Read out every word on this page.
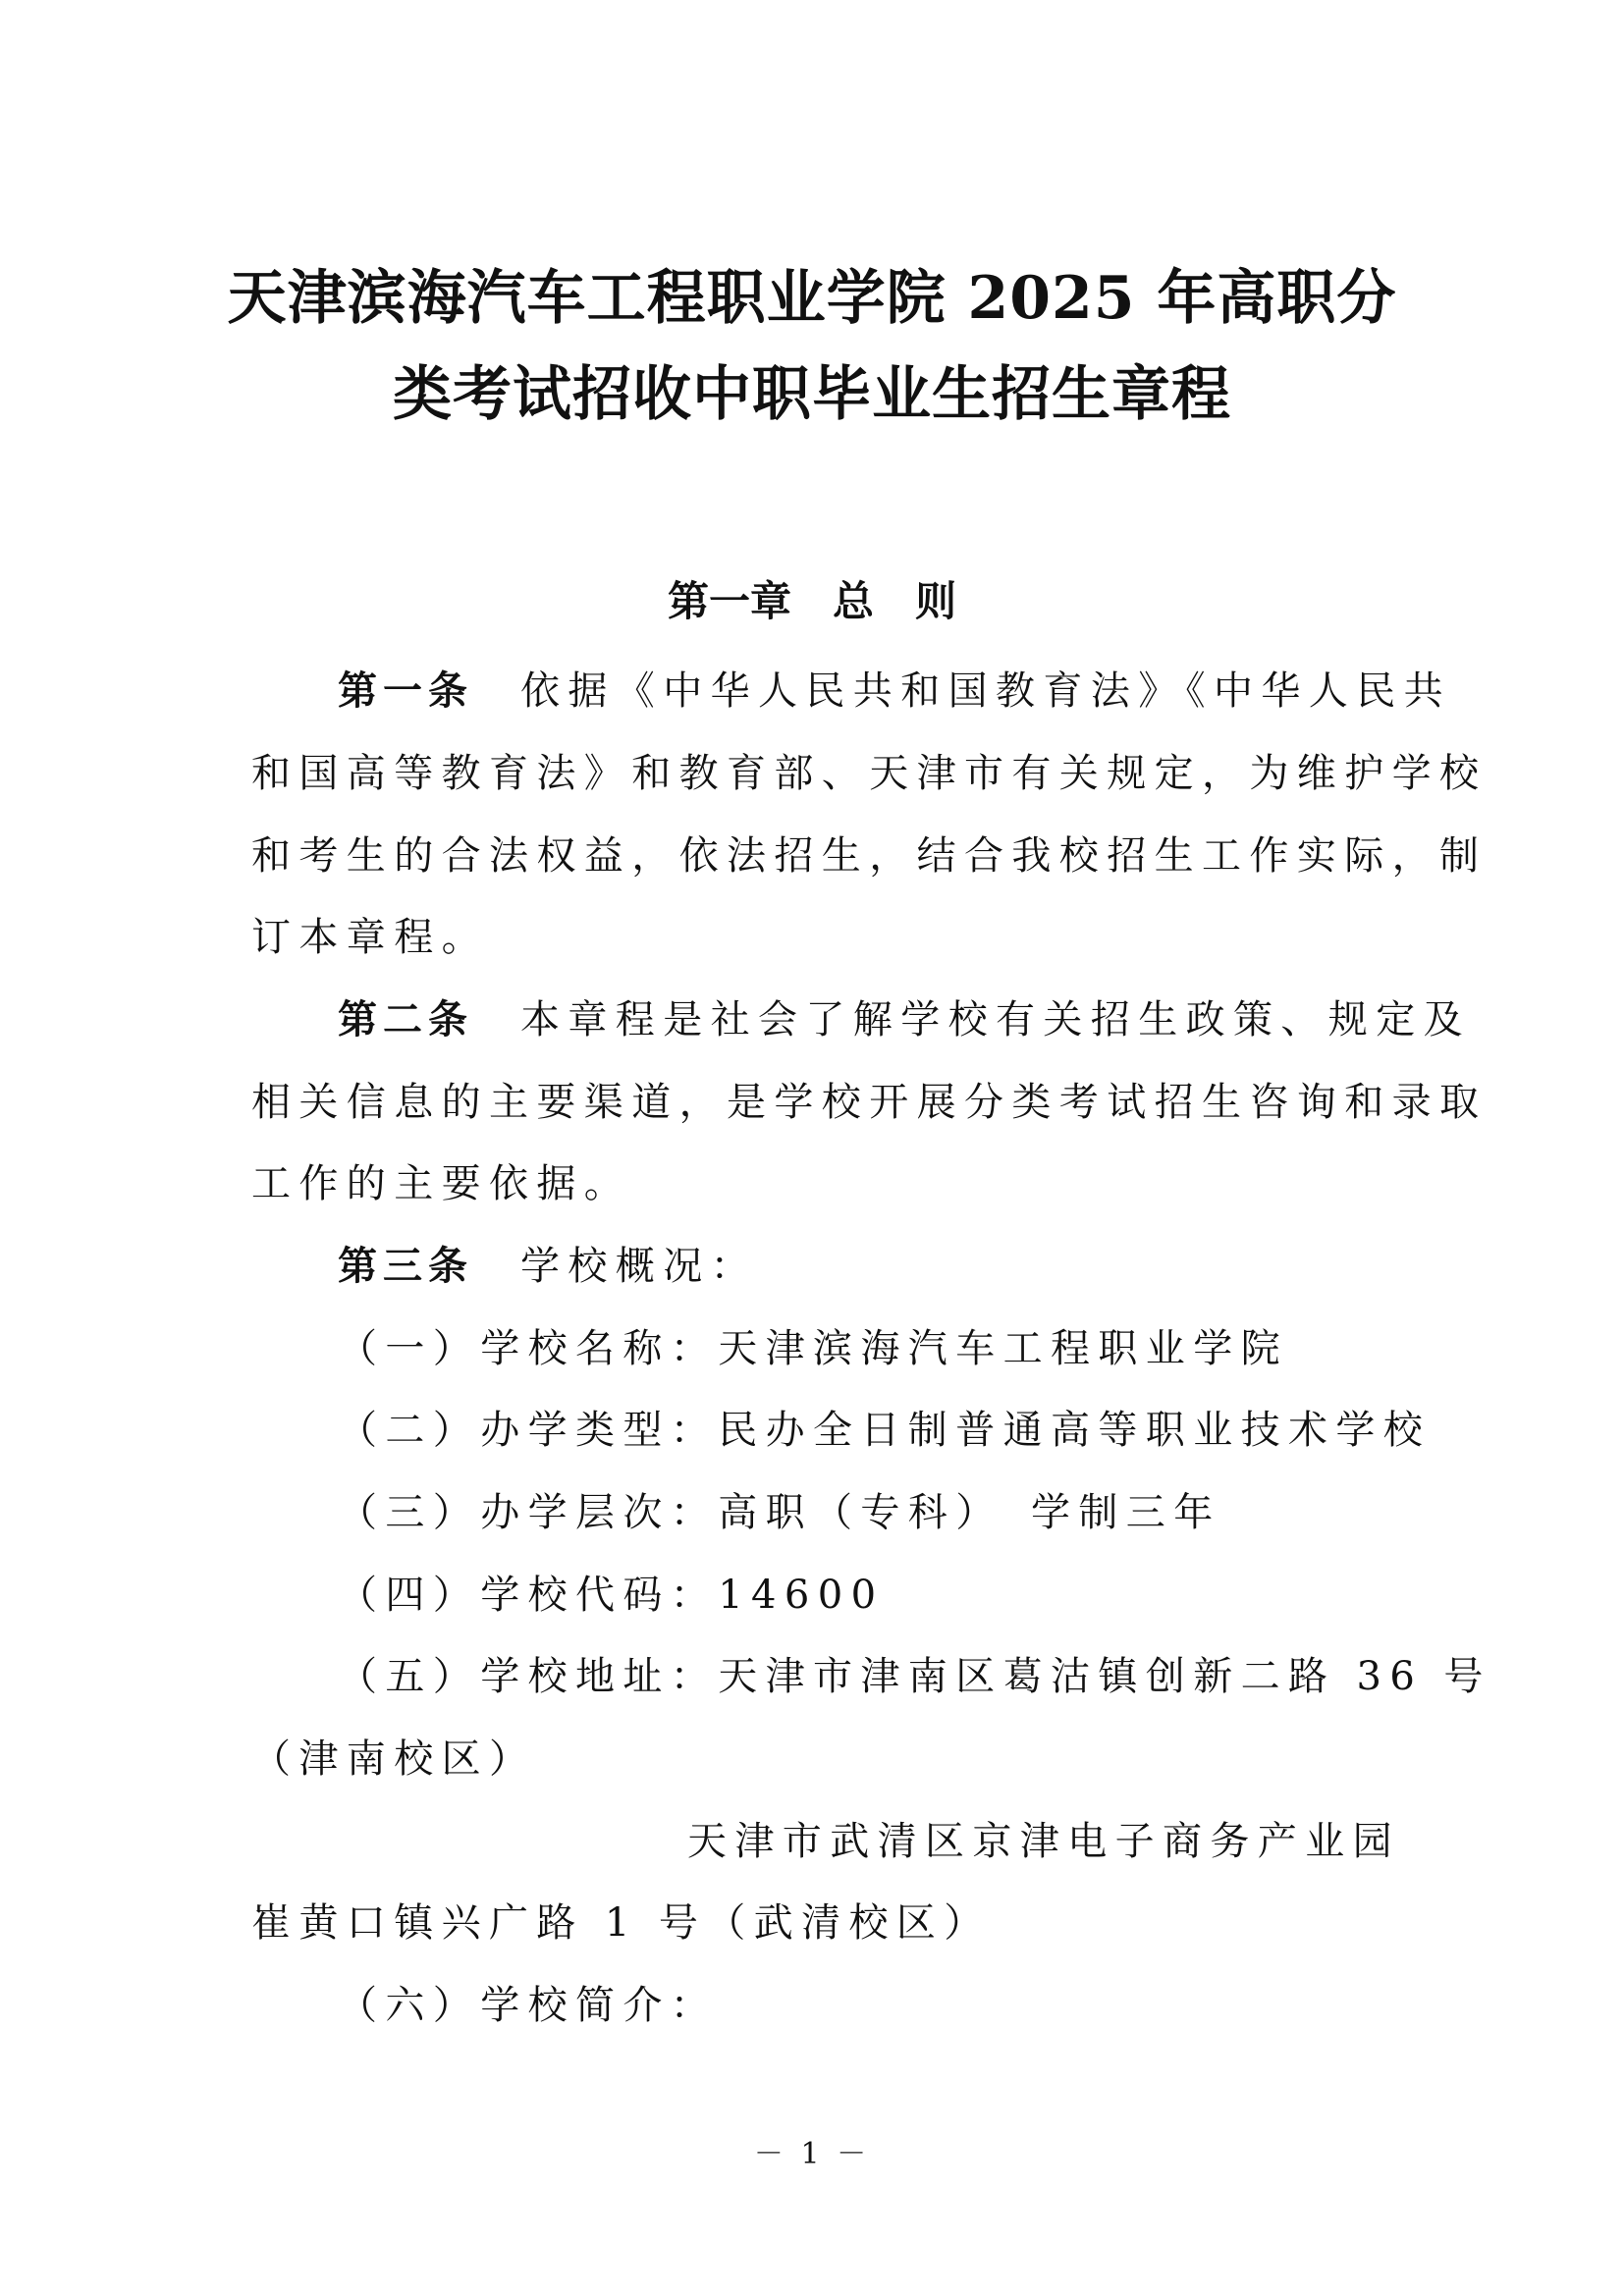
天津滨海汽车工程职业学院 2025 年高职分
类考试招收中职毕业生招生章程
第一章　总　则
第一条 依据《中华人民共和国教育法》《中华人民共
和国高等教育法》和教育部、天津市有关规定，为维护学校
和考生的合法权益，依法招生，结合我校招生工作实际，制
订本章程。
第二条 本章程是社会了解学校有关招生政策、规定及
相关信息的主要渠道，是学校开展分类考试招生咨询和录取
工作的主要依据。
第三条 学校概况：
（一）学校名称：天津滨海汽车工程职业学院
（二）办学类型：民办全日制普通高等职业技术学校
（三）办学层次：高职（专科）　学制三年
（四）学校代码：14600
（五）学校地址：天津市津南区葛沽镇创新二路 36 号
（津南校区）
天津市武清区京津电子商务产业园
崔黄口镇兴广路 1 号（武清校区）
（六）学校简介：
－ 1 －
